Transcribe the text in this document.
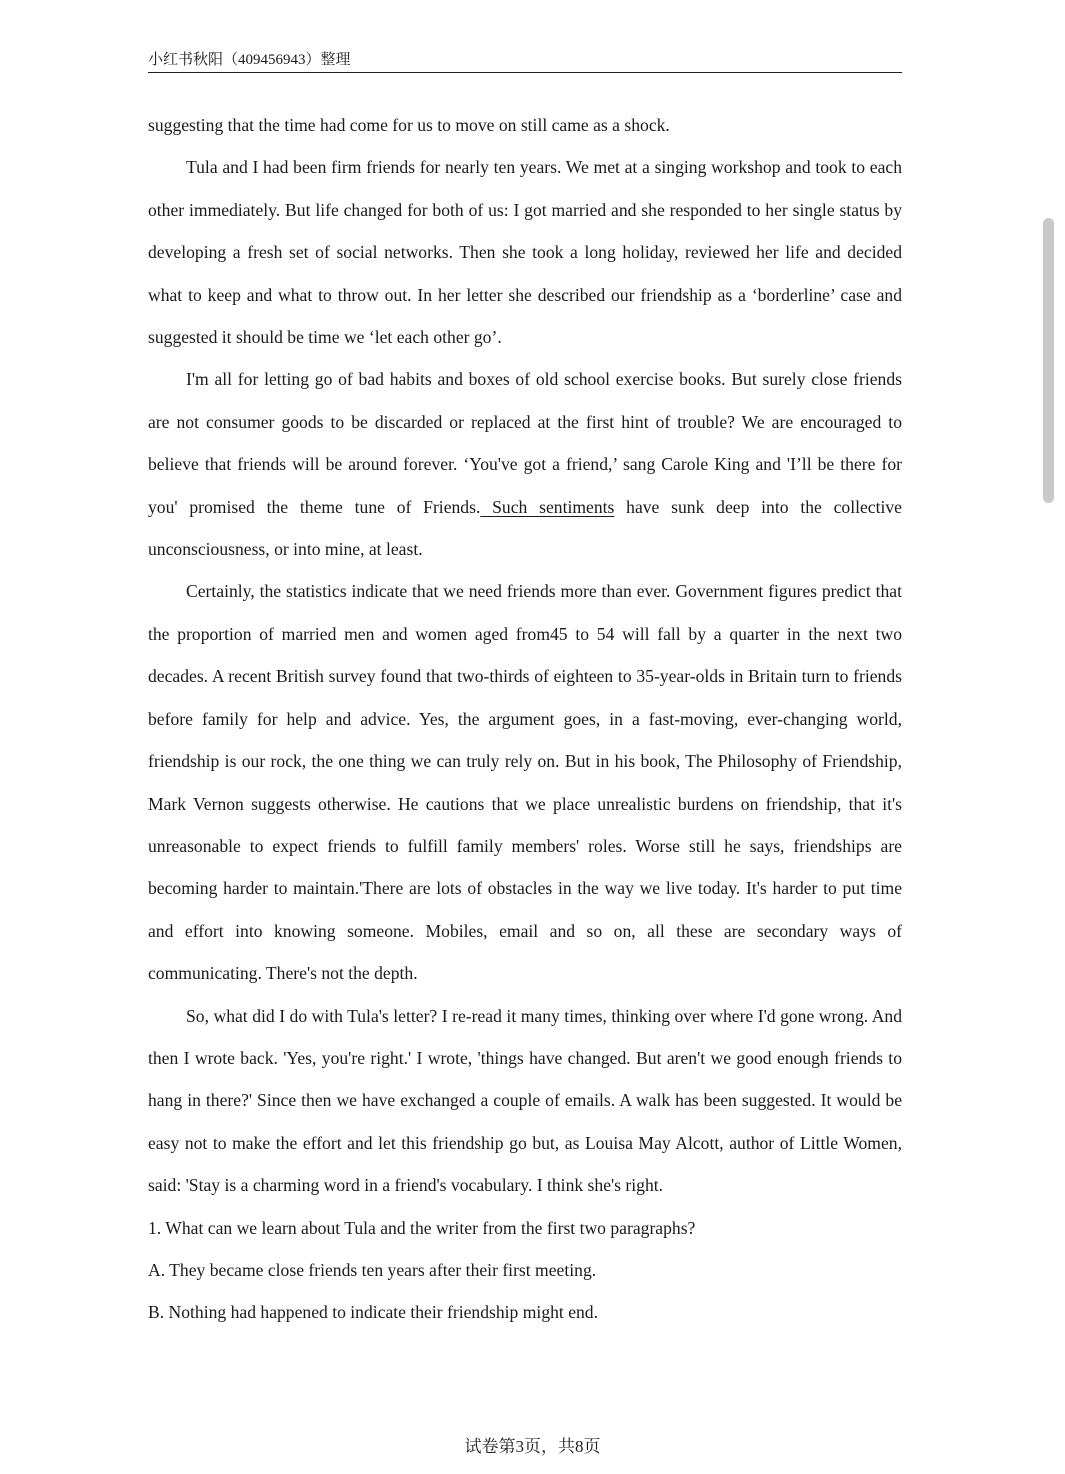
小红书秋阳（409456943）整理

suggesting that the time had come for us to move on still came as a shock.

Tula and I had been firm friends for nearly ten years. We met at a singing workshop and took to each other immediately. But life changed for both of us: I got married and she responded to her single status by developing a fresh set of social networks. Then she took a long holiday, reviewed her life and decided what to keep and what to throw out. In her letter she described our friendship as a ‘borderline’ case and suggested it should be time we ‘let each other go’.

I'm all for letting go of bad habits and boxes of old school exercise books. But surely close friends are not consumer goods to be discarded or replaced at the first hint of trouble? We are encouraged to believe that friends will be around forever. ‘You've got a friend,’ sang Carole King and 'I’ll be there for you' promised the theme tune of Friends. Such sentiments have sunk deep into the collective unconsciousness, or into mine, at least.

Certainly, the statistics indicate that we need friends more than ever. Government figures predict that the proportion of married men and women aged from45 to 54 will fall by a quarter in the next two decades. A recent British survey found that two-thirds of eighteen to 35-year-olds in Britain turn to friends before family for help and advice. Yes, the argument goes, in a fast-moving, ever-changing world, friendship is our rock, the one thing we can truly rely on. But in his book, The Philosophy of Friendship, Mark Vernon suggests otherwise. He cautions that we place unrealistic burdens on friendship, that it's unreasonable to expect friends to fulfill family members' roles. Worse still he says, friendships are becoming harder to maintain.'There are lots of obstacles in the way we live today. It's harder to put time and effort into knowing someone. Mobiles, email and so on, all these are secondary ways of communicating. There's not the depth.

So, what did I do with Tula's letter? I re-read it many times, thinking over where I'd gone wrong. And then I wrote back. 'Yes, you're right.' I wrote, 'things have changed. But aren't we good enough friends to hang in there?' Since then we have exchanged a couple of emails. A walk has been suggested. It would be easy not to make the effort and let this friendship go but, as Louisa May Alcott, author of Little Women, said: 'Stay is a charming word in a friend's vocabulary. I think she's right.

1. What can we learn about Tula and the writer from the first two paragraphs?

A. They became close friends ten years after their first meeting.

B. Nothing had happened to indicate their friendship might end.

试卷第3页，共8页
